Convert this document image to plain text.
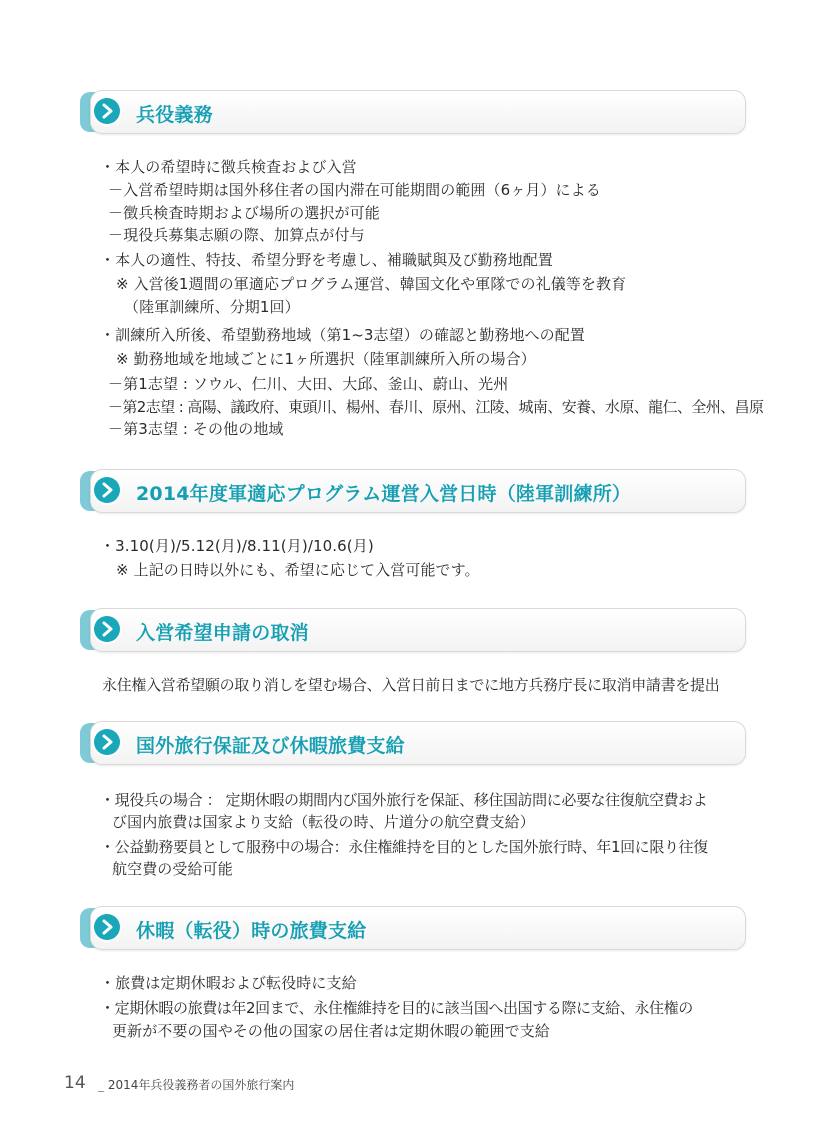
兵役義務
・本人の希望時に徴兵検査および入営
－入営希望時期は国外移住者の国内滞在可能期間の範囲（6ヶ月）による
－徴兵検査時期および場所の選択が可能
－現役兵募集志願の際、加算点が付与
・本人の適性、特技、希望分野を考慮し、補職賦與及び勤務地配置
※ 入営後1週間の軍適応プログラム運営、韓国文化や軍隊での礼儀等を教育
（陸軍訓練所、分期1回）
・訓練所入所後、希望勤務地域（第1~3志望）の確認と勤務地への配置
※ 勤務地域を地域ごとに1ヶ所選択（陸軍訓練所入所の場合）
－第1志望 : ソウル、仁川、大田、大邱、釜山、蔚山、光州
－第2志望 : 高陽、議政府、東頭川、楊州、春川、原州、江陵、城南、安養、水原、龍仁、全州、昌原
－第3志望 : その他の地域
2014年度軍適応プログラム運営入営日時（陸軍訓練所）
・3.10(月)/5.12(月)/8.11(月)/10.6(月)
※ 上記の日時以外にも、希望に応じて入営可能です。
入営希望申請の取消
永住権入営希望願の取り消しを望む場合、入営日前日までに地方兵務庁長に取消申請書を提出
国外旅行保証及び休暇旅費支給
・現役兵の場合 ： 定期休暇の期間内び国外旅行を保証、移住国訪問に必要な往復航空費およ
び国内旅費は国家より支給（転役の時、片道分の航空費支給）
・公益勤務要員として服務中の場合：永住権維持を目的とした国外旅行時、年1回に限り往復
航空費の受給可能
休暇（転役）時の旅費支給
・旅費は定期休暇および転役時に支給
・定期休暇の旅費は年2回まで、永住権維持を目的に該当国へ出国する際に支給、永住権の
更新が不要の国やその他の国家の居住者は定期休暇の範囲で支給
14 _ 2014年兵役義務者の国外旅行案内
